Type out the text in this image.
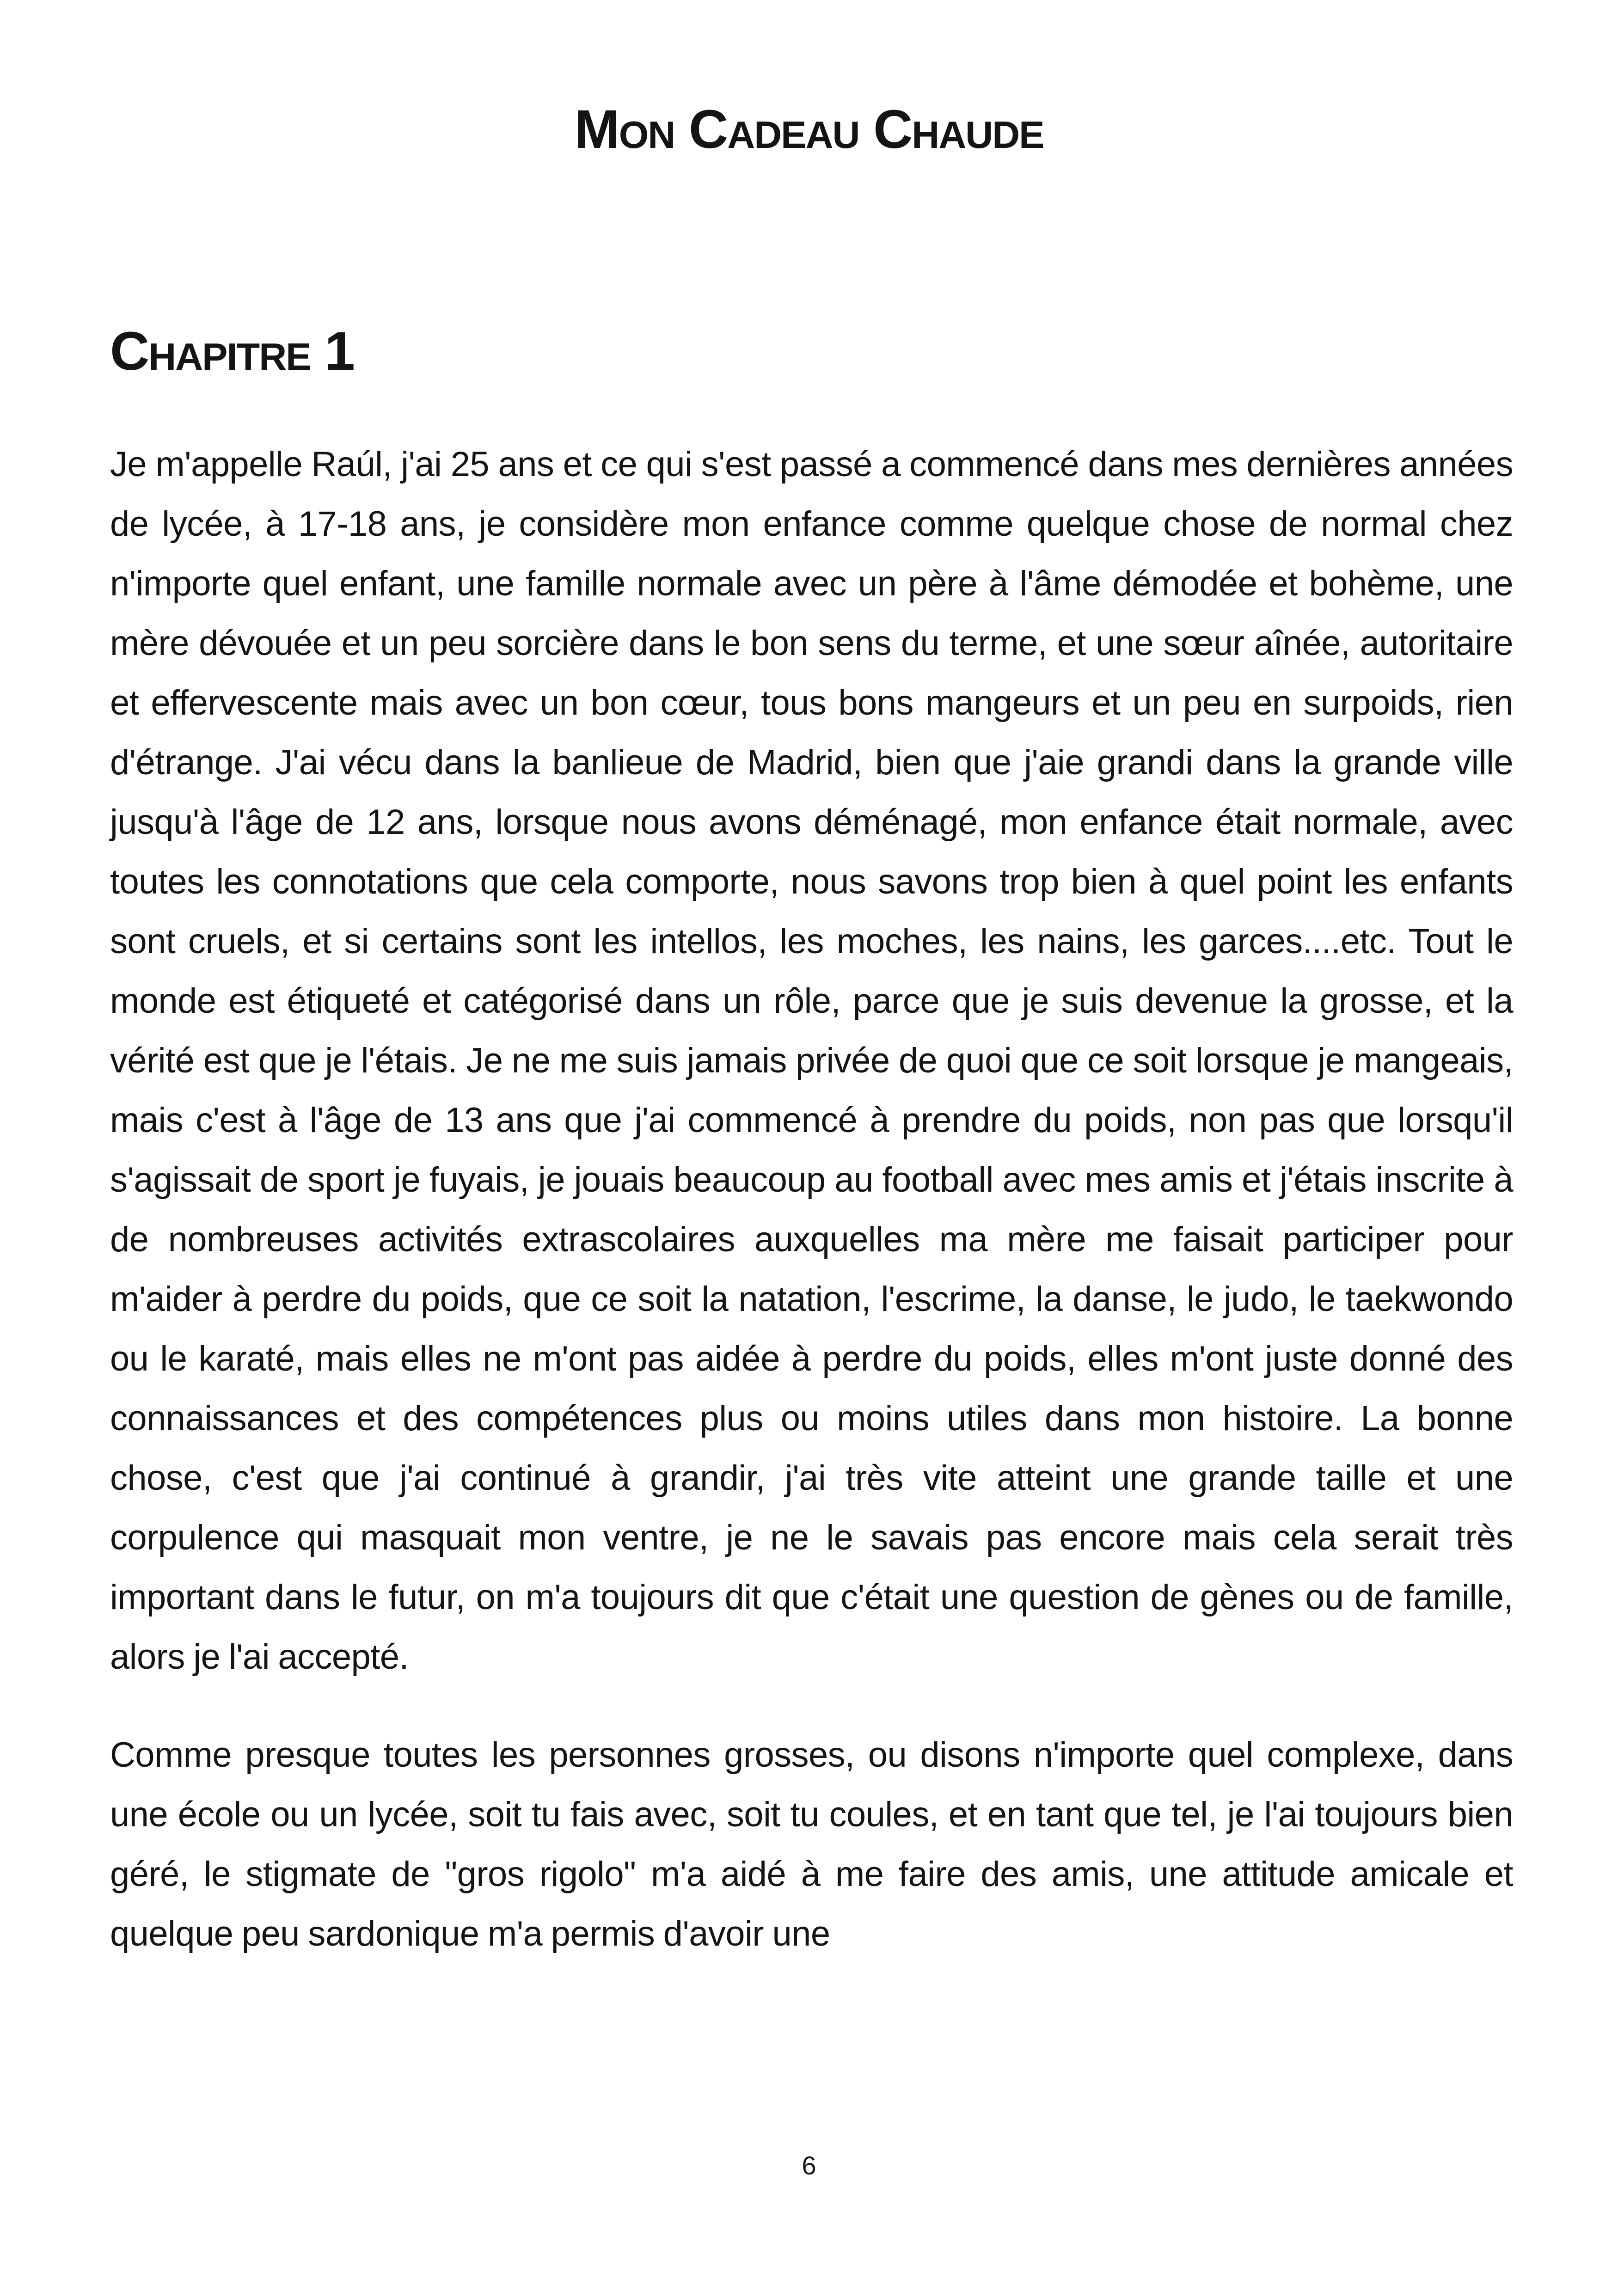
Mon Cadeau Chaude
Chapitre 1

Je m'appelle Raúl, j'ai 25 ans et ce qui s'est passé a commencé dans mes dernières années de lycée, à 17-18 ans, je considère mon enfance comme quelque chose de normal chez n'importe quel enfant, une famille normale avec un père à l'âme démodée et bohème, une mère dévouée et un peu sorcière dans le bon sens du terme, et une sœur aînée, autoritaire et effervescente mais avec un bon cœur, tous bons mangeurs et un peu en surpoids, rien d'étrange. J'ai vécu dans la banlieue de Madrid, bien que j'aie grandi dans la grande ville jusqu'à l'âge de 12 ans, lorsque nous avons déménagé, mon enfance était normale, avec toutes les connotations que cela comporte, nous savons trop bien à quel point les enfants sont cruels, et si certains sont les intellos, les moches, les nains, les garces....etc. Tout le monde est étiqueté et catégorisé dans un rôle, parce que je suis devenue la grosse, et la vérité est que je l'étais. Je ne me suis jamais privée de quoi que ce soit lorsque je mangeais, mais c'est à l'âge de 13 ans que j'ai commencé à prendre du poids, non pas que lorsqu'il s'agissait de sport je fuyais, je jouais beaucoup au football avec mes amis et j'étais inscrite à de nombreuses activités extrascolaires auxquelles ma mère me faisait participer pour m'aider à perdre du poids, que ce soit la natation, l'escrime, la danse, le judo, le taekwondo ou le karaté, mais elles ne m'ont pas aidée à perdre du poids, elles m'ont juste donné des connaissances et des compétences plus ou moins utiles dans mon histoire. La bonne chose, c'est que j'ai continué à grandir, j'ai très vite atteint une grande taille et une corpulence qui masquait mon ventre, je ne le savais pas encore mais cela serait très important dans le futur, on m'a toujours dit que c'était une question de gènes ou de famille, alors je l'ai accepté.

Comme presque toutes les personnes grosses, ou disons n'importe quel complexe, dans une école ou un lycée, soit tu fais avec, soit tu coules, et en tant que tel, je l'ai toujours bien géré, le stigmate de "gros rigolo" m'a aidé à me faire des amis, une attitude amicale et quelque peu sardonique m'a permis d'avoir une

6
